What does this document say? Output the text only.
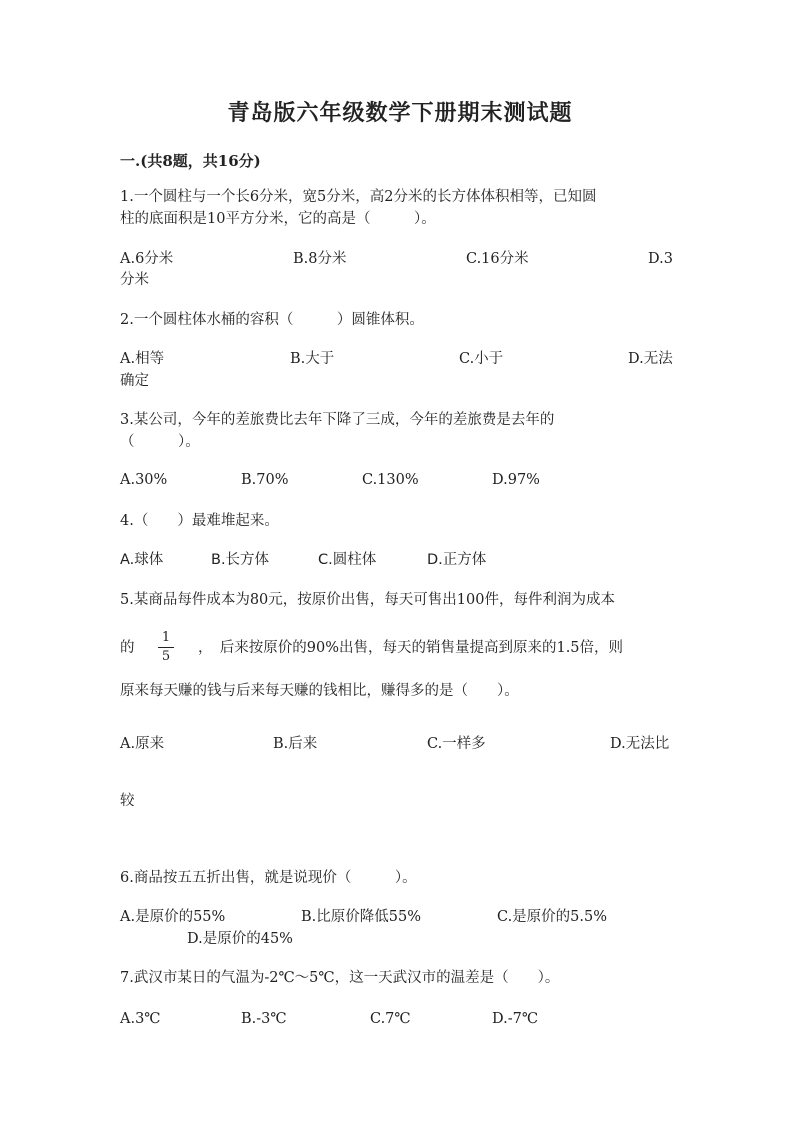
青岛版六年级数学下册期末测试题
一.(共8题，共16分)
1.一个圆柱与一个长6分米，宽5分米，高2分米的长方体体积相等，已知圆
柱的底面积是10平方分米，它的高是（　　　）。
A.6分米	B.8分米	C.16分米	D.3
分米
2.一个圆柱体水桶的容积（　　　）圆锥体积。
A.相等	B.大于	C.小于	D.无法
确定
3.某公司，今年的差旅费比去年下降了三成，今年的差旅费是去年的
（　　　）。
A.30%	B.70%	C.130%	D.97%
4.（　　）最难堆起来。
A.球体	B.长方体	C.圆柱体	D.正方体
5.某商品每件成本为80元，按原价出售，每天可售出100件，每件利润为成本
的
1
5
，　后来按原价的90%出售，每天的销售量提高到原来的1.5倍，则
原来每天赚的钱与后来每天赚的钱相比，赚得多的是（　　）。
A.原来	B.后来	C.一样多	D.无法比
较
6.商品按五五折出售，就是说现价（　　　）。
A.是原价的55%	B.比原价降低55%	C.是原价的5.5%
D.是原价的45%
7.武汉市某日的气温为-2℃～5℃，这一天武汉市的温差是（　　）。
A.3℃	B.-3℃	C.7℃	D.-7℃
